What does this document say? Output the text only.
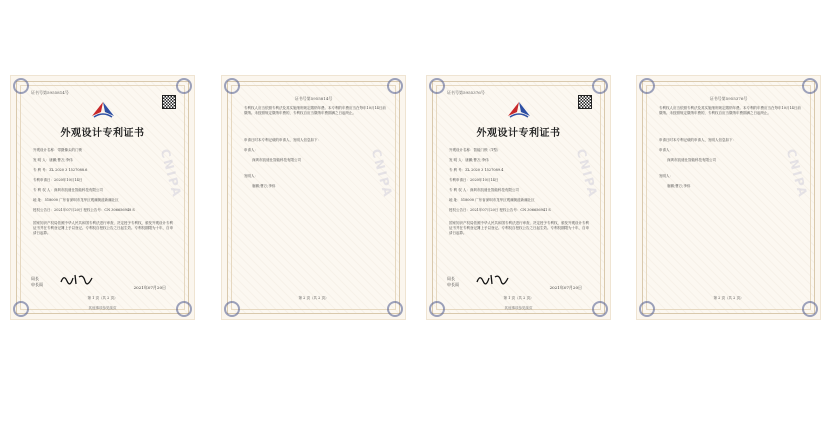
证书号第5955814号
外观设计专利证书
外观设计名称：带摄像头的门锁
发 明 人：唐鹏;曹万;李伟
专 利 号：ZL 2020 3 1527088.6
专利申请日：2020年10月14日
专 利 权 人：深圳市凯迪仕智能科技有限公司
地 址：518000 广东省深圳市龙华区观澜街道新澜社区
授权公告日：2021年07月20日 授权公告号：CN 306656948 S
国家知识产权局依照中华人民共和国专利法进行审查，决定授予专利权，颁发外观设计专利证书并在专利登记簿上予以登记。专利权自授权公告之日起生效。专利权期限为十年，自申请日起算。
CNIPA
局长
申长雨
2021年07月20日
第 1 页（共 2 页）
其他事项参见续页
证书号第5955814号
专利权人应当依照专利法及其实施细则规定缴纳年费。本专利的年费应当在每年10月14日前缴纳。未按照规定缴纳年费的，专利权自应当缴纳年费期满之日起终止。
申请日时本专利记载的申请人、发明人信息如下：
申请人：
深圳市凯迪仕智能科技有限公司
发明人：
唐鹏;曹万;李伟	CNIPA
第 2 页（共 2 页）
证书号第5955376号
外观设计专利证书
外观设计名称：智能门锁（T型）
发 明 人：唐鹏;曹万;李伟
专 利 号：ZL 2020 3 1527089.4
专利申请日：2020年10月14日
专 利 权 人：深圳市凯迪仕智能科技有限公司
地 址：518000 广东省深圳市龙华区观澜街道新澜社区
授权公告日：2021年07月20日 授权公告号：CN 306656941 S
国家知识产权局依照中华人民共和国专利法进行审查，决定授予专利权，颁发外观设计专利证书并在专利登记簿上予以登记。专利权自授权公告之日起生效。专利权期限为十年，自申请日起算。
CNIPA
局长
申长雨
2021年07月20日
第 1 页（共 2 页）
其他事项参见续页
证书号第5955376号
专利权人应当依照专利法及其实施细则规定缴纳年费。本专利的年费应当在每年10月14日前缴纳。未按照规定缴纳年费的，专利权自应当缴纳年费期满之日起终止。
申请日时本专利记载的申请人、发明人信息如下：
申请人：
深圳市凯迪仕智能科技有限公司
发明人：
唐鹏;曹万;李伟	CNIPA
第 2 页（共 2 页）
